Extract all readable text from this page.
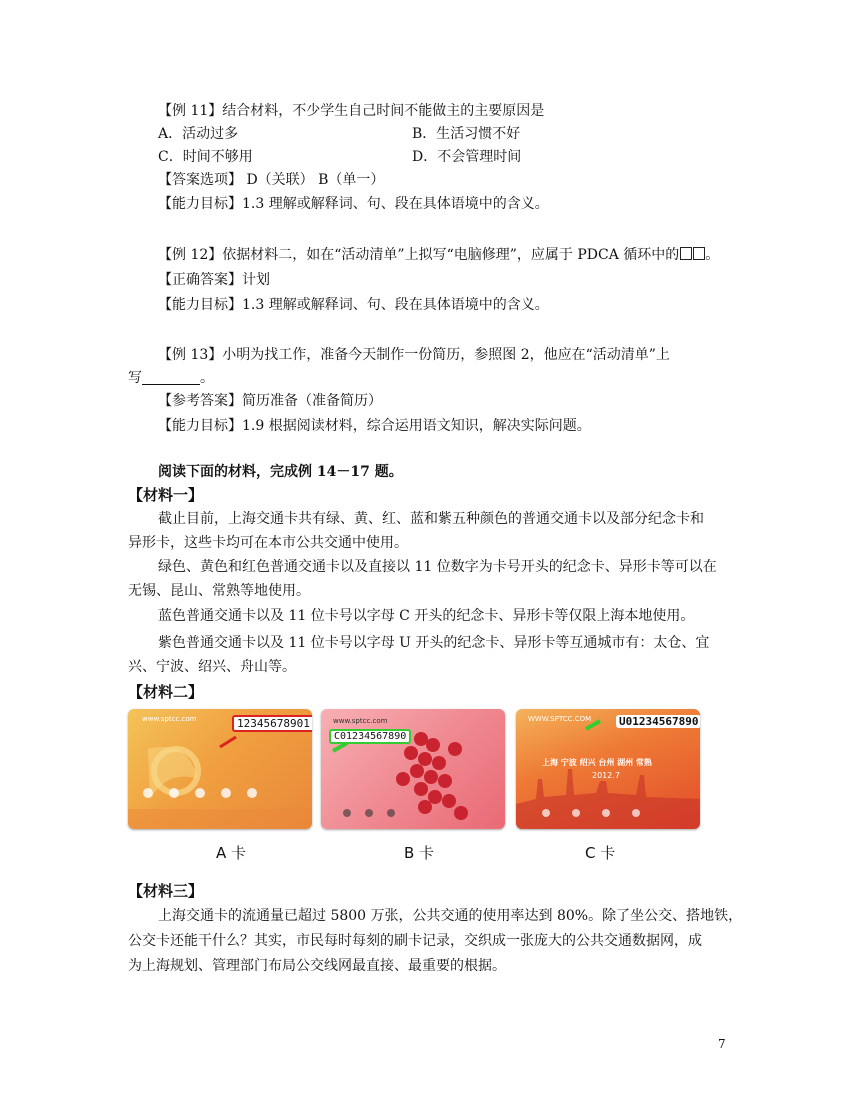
【例 11】结合材料，不少学生自己时间不能做主的主要原因是
A．活动过多	B．生活习惯不好
C．时间不够用	D．不会管理时间
【答案选项】 D（关联） B（单一）
【能力目标】1.3 理解或解释词、句、段在具体语境中的含义。
【例 12】依据材料二，如在“活动清单”上拟写“电脑修理”，应属于 PDCA 循环中的 。
【正确答案】计划
【能力目标】1.3 理解或解释词、句、段在具体语境中的含义。
【例 13】小明为找工作，准备今天制作一份简历，参照图 2，他应在“活动清单”上
写	。
【参考答案】简历准备（准备简历）
【能力目标】1.9 根据阅读材料，综合运用语文知识，解决实际问题。
阅读下面的材料，完成例 14－17 题。
【材料一】
截止目前，上海交通卡共有绿、黄、红、蓝和紫五种颜色的普通交通卡以及部分纪念卡和
异形卡，这些卡均可在本市公共交通中使用。
绿色、黄色和红色普通交通卡以及直接以 11 位数字为卡号开头的纪念卡、异形卡等可以在
无锡、昆山、常熟等地使用。
蓝色普通交通卡以及 11 位卡号以字母 C 开头的纪念卡、异形卡等仅限上海本地使用。
紫色普通交通卡以及 11 位卡号以字母 U 开头的纪念卡、异形卡等互通城市有：太仓、宜
兴、宁波、绍兴、舟山等。
【材料二】
www.sptcc.com	12345678901	www.sptcc.com
C01234567890
WWW.SPTCC.COM	U01234567890
上海 宁波 绍兴 台州 湖州 常熟
2012.7
A 卡	B 卡	C 卡
【材料三】
上海交通卡的流通量已超过 5800 万张，公共交通的使用率达到 80%。除了坐公交、搭地铁，
公交卡还能干什么？其实，市民每时每刻的刷卡记录，交织成一张庞大的公共交通数据网，成
为上海规划、管理部门布局公交线网最直接、最重要的根据。
7
